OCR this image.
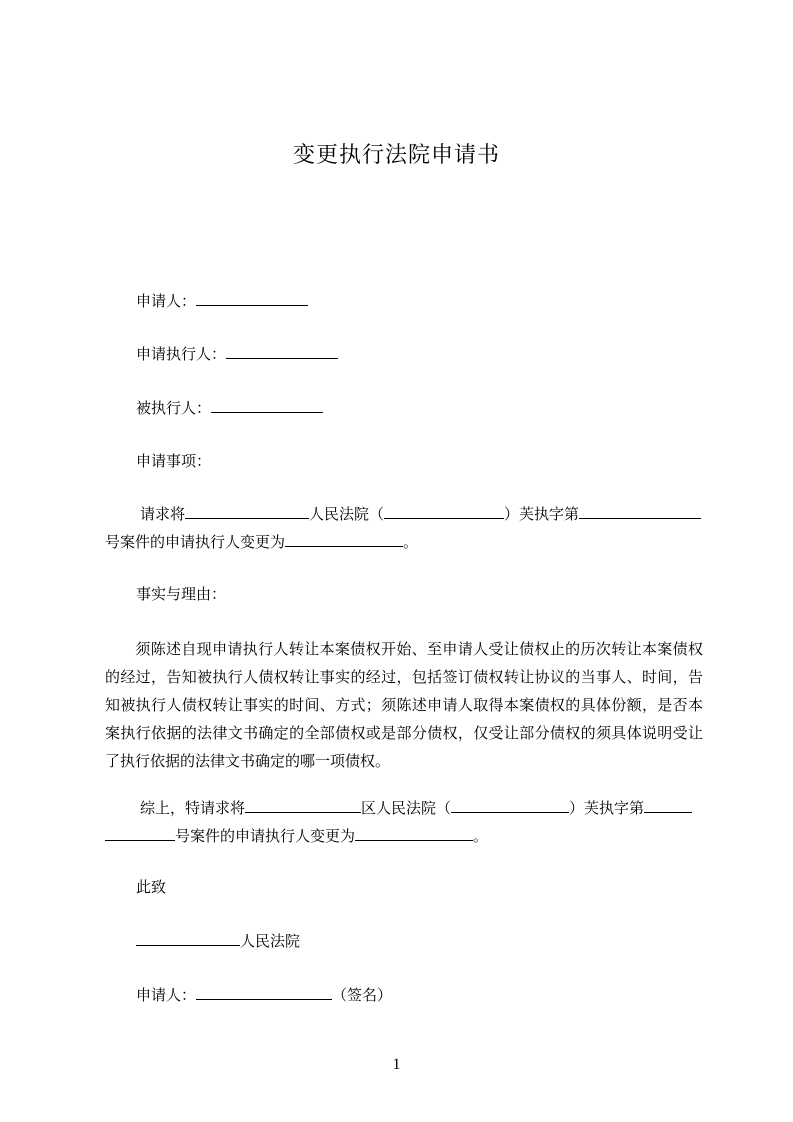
变更执行法院申请书
申请人：
申请执行人：
被执行人：
申请事项：
请求将	人民法院（	）芙执字第
号案件的申请执行人变更为	。
事实与理由：
须陈述自现申请执行人转让本案债权开始、至申请人受让债权止的历次转让本案债权的经过，告知被执行人债权转让事实的经过，包括签订债权转让协议的当事人、时间，告知被执行人债权转让事实的时间、方式；须陈述申请人取得本案债权的具体份额，是否本案执行依据的法律文书确定的全部债权或是部分债权，仅受让部分债权的须具体说明受让了执行依据的法律文书确定的哪一项债权。
综上，特请求将	区人民法院（	）芙执字第
号案件的申请执行人变更为	。
此致
人民法院
申请人：	（签名）
1
